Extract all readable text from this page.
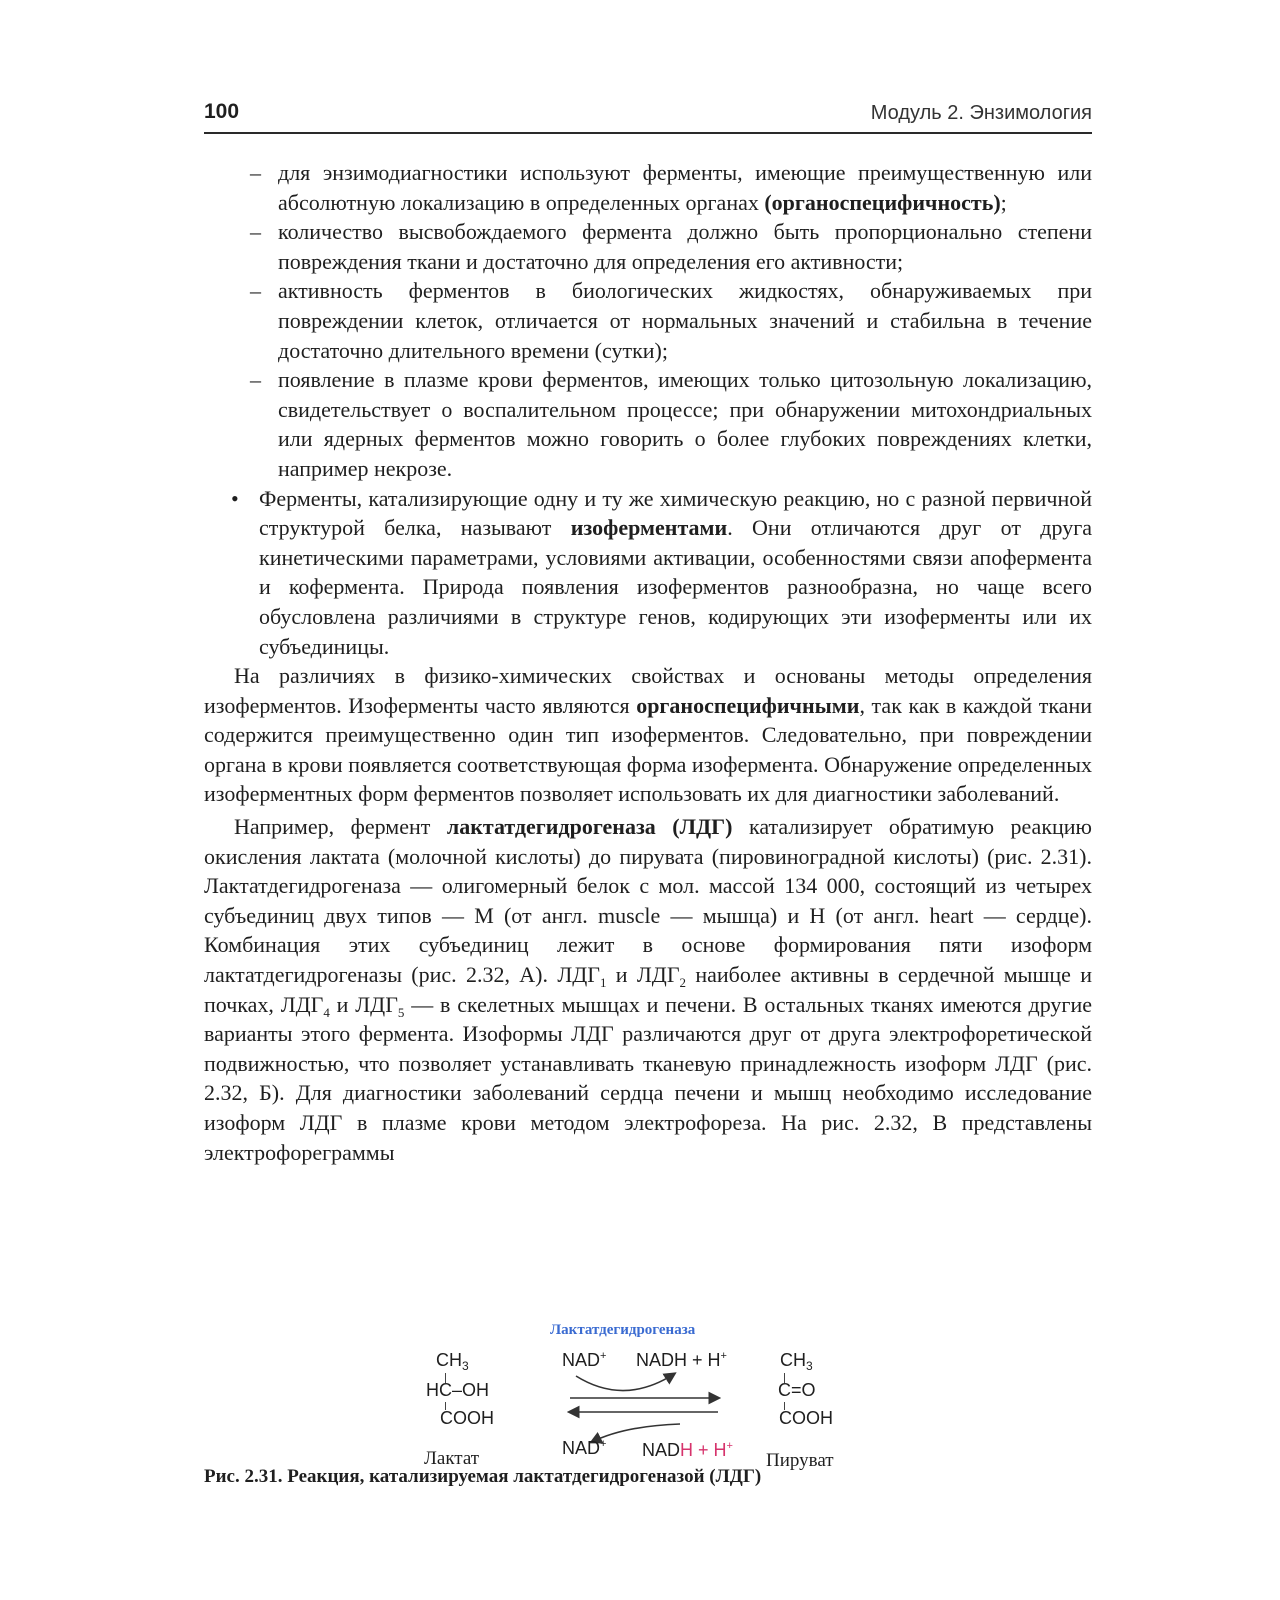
100	Модуль 2. Энзимология
– для энзимодиагностики используют ферменты, имеющие преимущественную или абсолютную локализацию в определенных органах (органоспецифичность);
– количество высвобождаемого фермента должно быть пропорционально степени повреждения ткани и достаточно для определения его активности;
– активность ферментов в биологических жидкостях, обнаруживаемых при повреждении клеток, отличается от нормальных значений и стабильна в течение достаточно длительного времени (сутки);
– появление в плазме крови ферментов, имеющих только цитозольную локализацию, свидетельствует о воспалительном процессе; при обнаружении митохондриальных или ядерных ферментов можно говорить о более глубоких повреждениях клетки, например некрозе.
• Ферменты, катализирующие одну и ту же химическую реакцию, но с разной первичной структурой белка, называют изоферментами. Они отличаются друг от друга кинетическими параметрами, условиями активации, особенностями связи апофермента и кофермента. Природа появления изоферментов разнообразна, но чаще всего обусловлена различиями в структуре генов, кодирующих эти изоферменты или их субъединицы.

На различиях в физико-химических свойствах и основаны методы определения изоферментов. Изоферменты часто являются органоспецифичными, так как в каждой ткани содержится преимущественно один тип изоферментов. Следовательно, при повреждении органа в крови появляется соответствующая форма изофермента. Обнаружение определенных изоферментных форм ферментов позволяет использовать их для диагностики заболеваний.

Например, фермент лактатдегидрогеназа (ЛДГ) катализирует обратимую реакцию окисления лактата (молочной кислоты) до пирувата (пировиноградной кислоты) (рис. 2.31). Лактатдегидрогеназа — олигомерный белок с мол. массой 134 000, состоящий из четырех субъединиц двух типов — М (от англ. muscle — мышца) и Н (от англ. heart — сердце). Комбинация этих субъединиц лежит в основе формирования пяти изоформ лактатдегидрогеназы (рис. 2.32, А). $ЛДГ_1$ и $ЛДГ_2$ наиболее активны в сердечной мышце и почках, $ЛДГ_4$ и $ЛДГ_5$ — в скелетных мышцах и печени. В остальных тканях имеются другие варианты этого фермента. Изоформы ЛДГ различаются друг от друга электрофоретической подвижностью, что позволяет устанавливать тканевую принадлежность изоформ ЛДГ (рис. 2.32, Б). Для диагностики заболеваний сердца печени и мышц необходимо исследование изоформ ЛДГ в плазме крови методом электрофореза. На рис. 2.32, В представлены электрофореграммы

Лактатдегидрогеназа
$CH_3$
HC–OH
COOH
Лактат
NAD+ NADH + H+
NAD+ NADH + H+
$CH_3$
C=O
COOH
Пируват
Рис. 2.31. Реакция, катализируемая лактатдегидрогеназой (ЛДГ)
